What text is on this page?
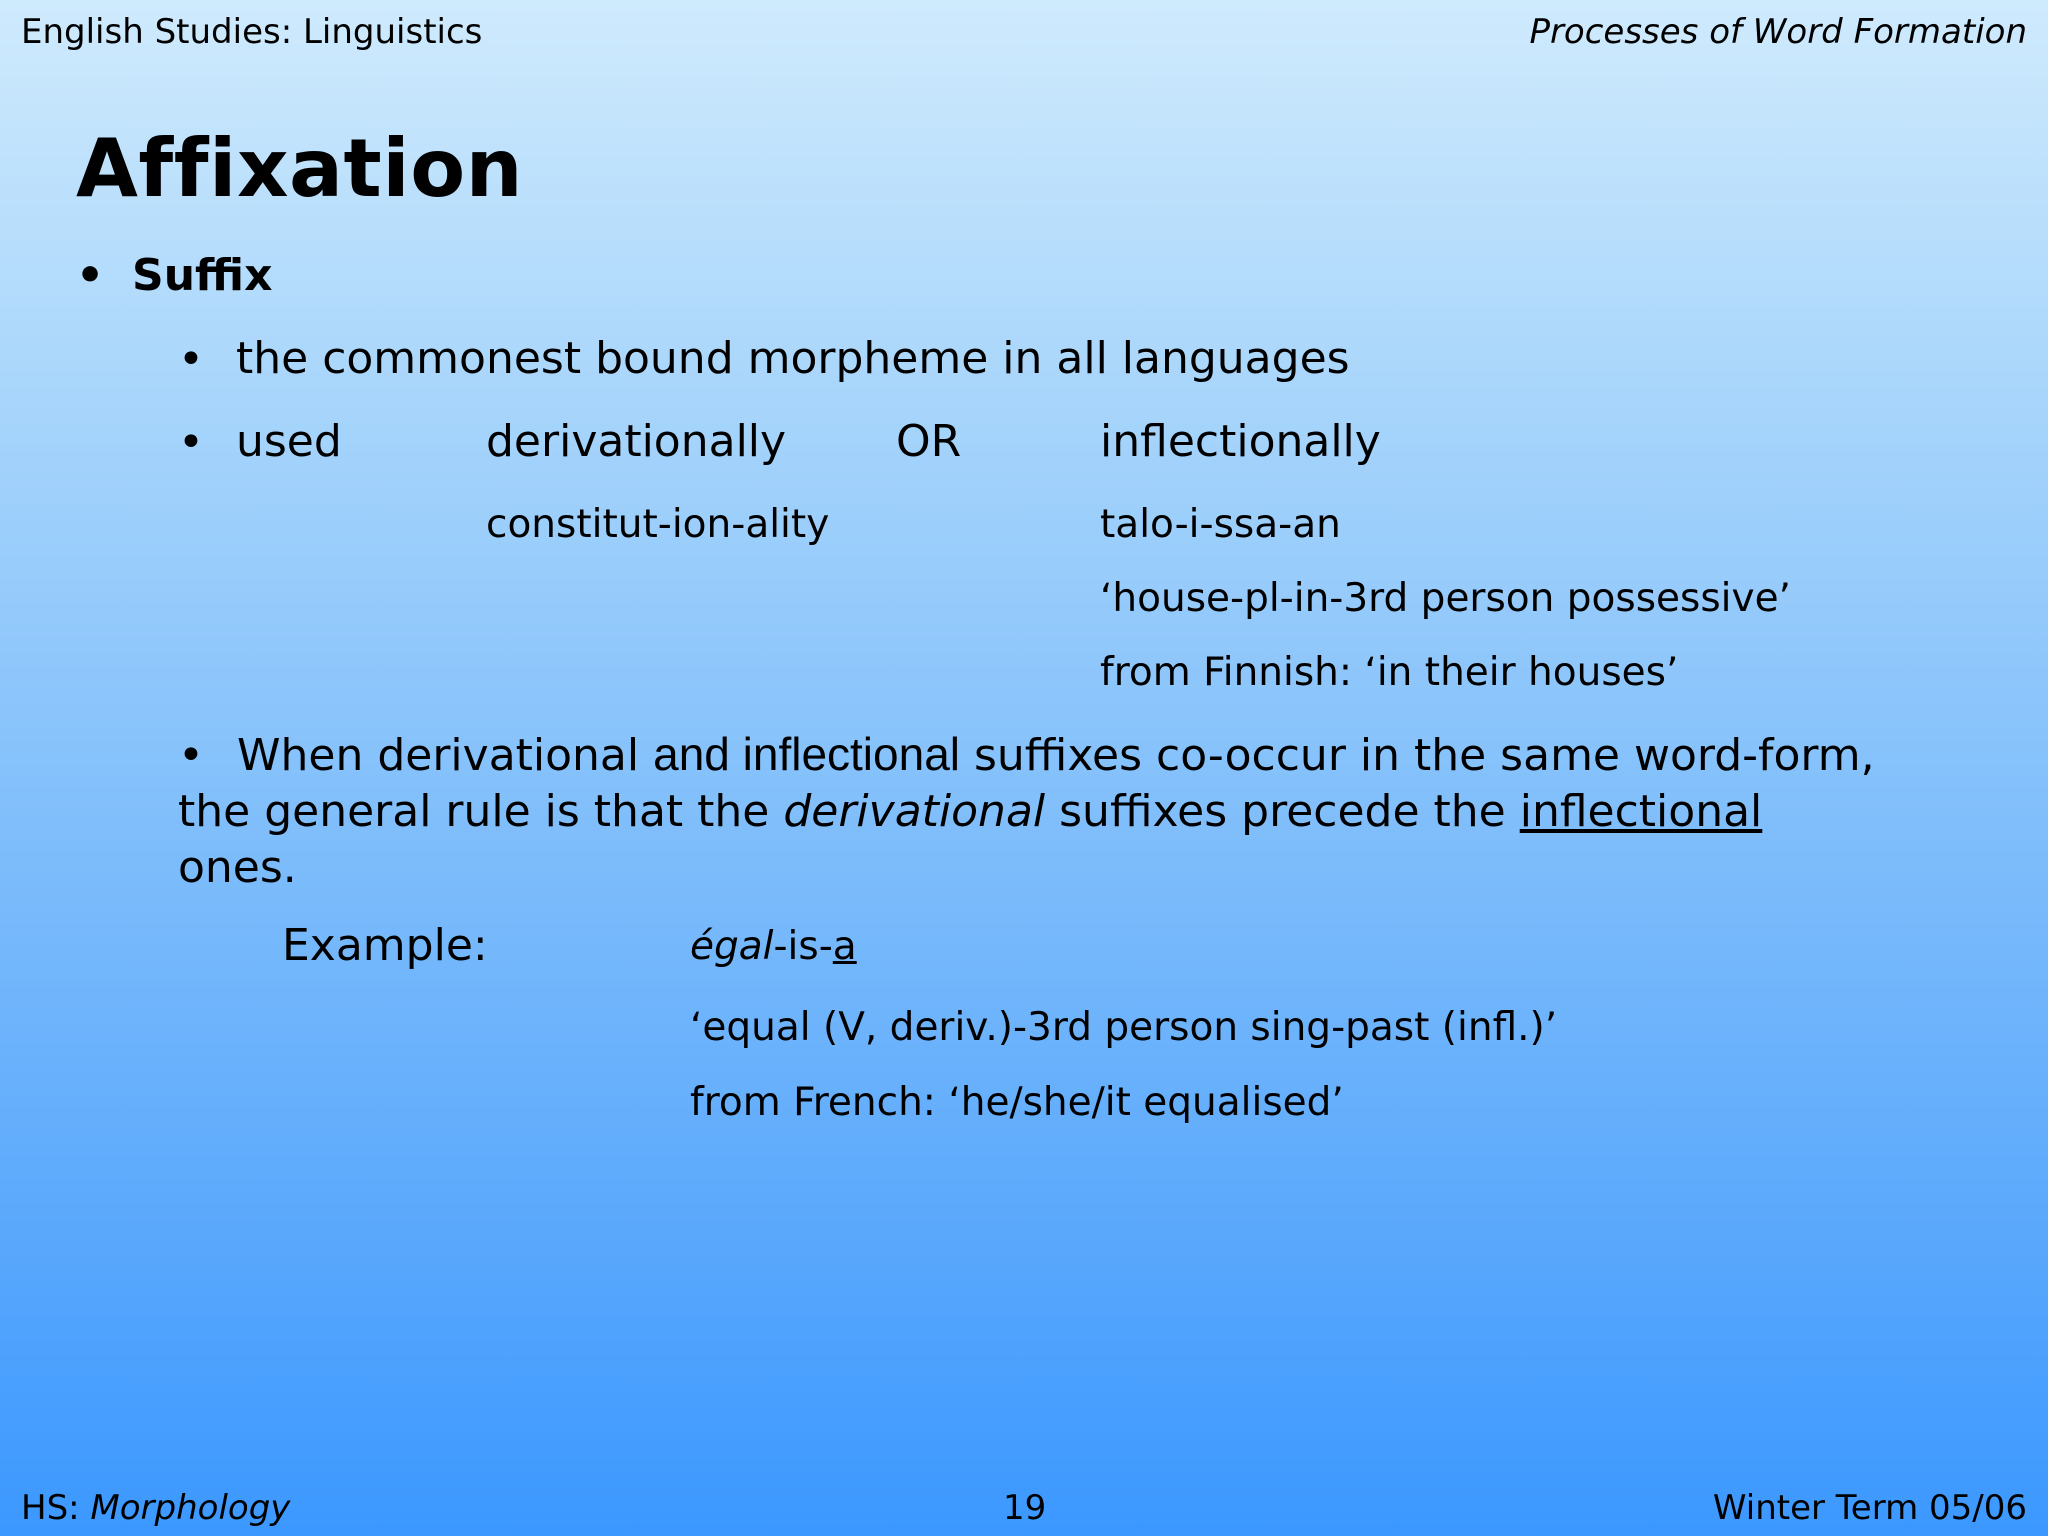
English Studies: Linguistics	Processes of Word Formation
Affixation
• Suffix
• the commonest bound morpheme in all languages
• used	derivationally OR	inflectionally
constitut-ion-ality	talo-i-ssa-an
‘house-pl-in-3rd person possessive’
from Finnish: ‘in their houses’
• When derivational and inflectional suffixes co-occur in the same word-form, the general rule is that the derivational suffixes precede the inflectional ones.
Example:	égal-is-a
‘equal (V, deriv.)-3rd person sing-past (infl.)’
from French: ‘he/she/it equalised’
HS: Morphology	19	Winter Term 05/06
